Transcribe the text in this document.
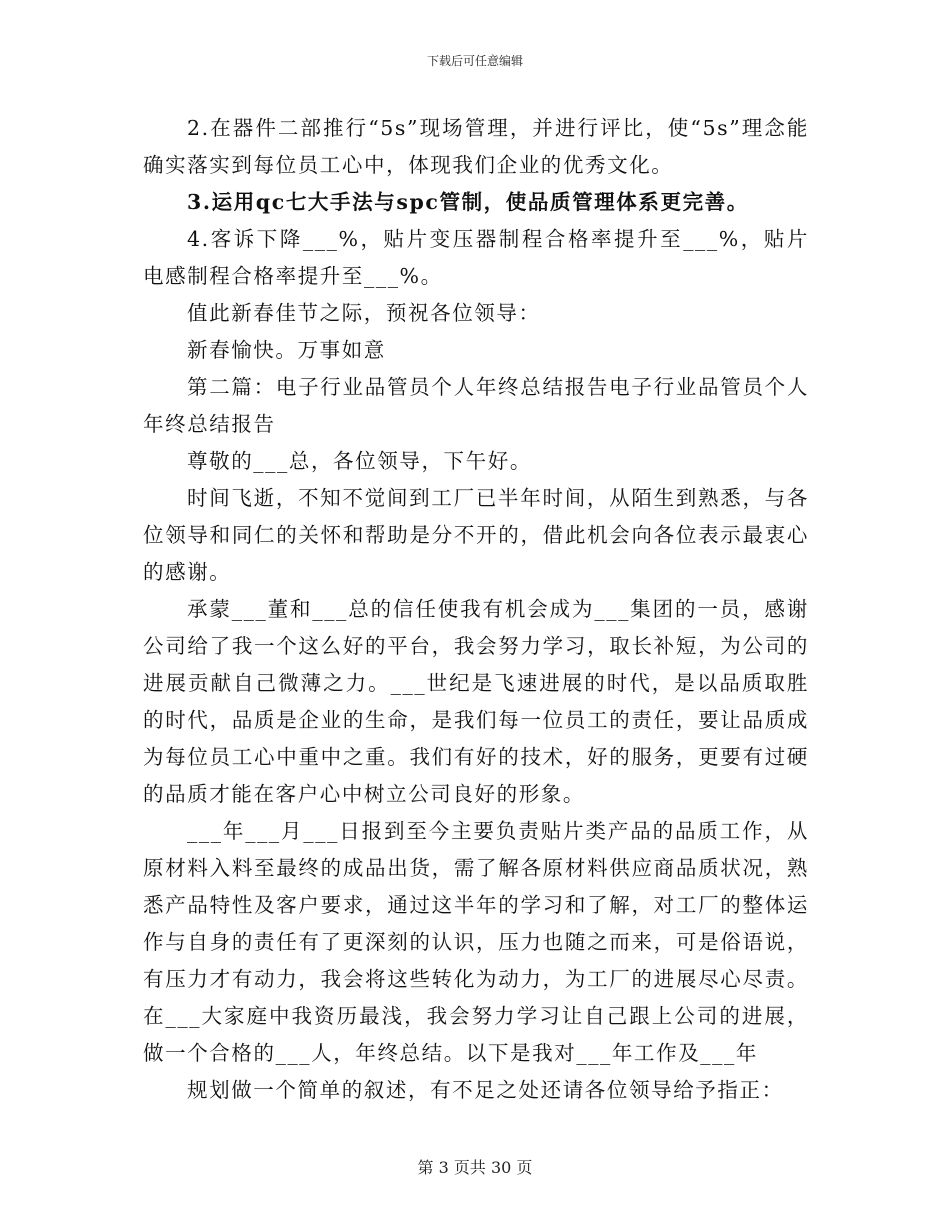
下载后可任意编辑

2.在器件二部推行“5s”现场管理，并进行评比，使“5s”理念能确实落实到每位员工心中，体现我们企业的优秀文化。

3.运用qc七大手法与spc管制，使品质管理体系更完善。

4.客诉下降___%，贴片变压器制程合格率提升至___%，贴片电感制程合格率提升至___%。

值此新春佳节之际，预祝各位领导：

新春愉快。万事如意

第二篇：电子行业品管员个人年终总结报告电子行业品管员个人年终总结报告

尊敬的___总，各位领导，下午好。

时间飞逝，不知不觉间到工厂已半年时间，从陌生到熟悉，与各位领导和同仁的关怀和帮助是分不开的，借此机会向各位表示最衷心的感谢。

承蒙___董和___总的信任使我有机会成为___集团的一员，感谢公司给了我一个这么好的平台，我会努力学习，取长补短，为公司的进展贡献自己微薄之力。___世纪是飞速进展的时代，是以品质取胜的时代，品质是企业的生命，是我们每一位员工的责任，要让品质成为每位员工心中重中之重。我们有好的技术，好的服务，更要有过硬的品质才能在客户心中树立公司良好的形象。

___年___月___日报到至今主要负责贴片类产品的品质工作，从原材料入料至最终的成品出货，需了解各原材料供应商品质状况，熟悉产品特性及客户要求，通过这半年的学习和了解，对工厂的整体运作与自身的责任有了更深刻的认识，压力也随之而来，可是俗语说，有压力才有动力，我会将这些转化为动力，为工厂的进展尽心尽责。在___大家庭中我资历最浅，我会努力学习让自己跟上公司的进展，做一个合格的___人，年终总结。以下是我对___年工作及___年

规划做一个简单的叙述，有不足之处还请各位领导给予指正：

第 3 页共 30 页
